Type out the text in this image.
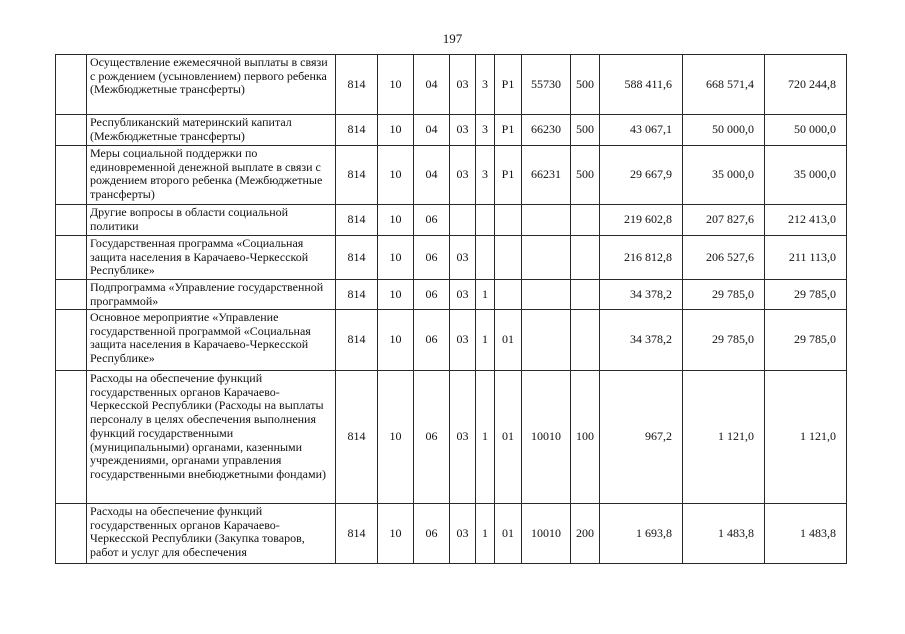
197
	Осуществление ежемесячной выплаты в связи с рождением (усыновлением) первого ребенка (Межбюджетные трансферты)	814	10	04	03	3	Р1	55730	500	588 411,6	668 571,4	720 244,8
	Республиканский материнский капитал (Межбюджетные трансферты)	814	10	04	03	3	Р1	66230	500	43 067,1	50 000,0	50 000,0
	Меры социальной поддержки по единовременной денежной выплате в связи с рождением второго ребенка (Межбюджетные трансферты)	814	10	04	03	3	Р1	66231	500	29 667,9	35 000,0	35 000,0
	Другие вопросы в области социальной политики	814	10	06						219 602,8	207 827,6	212 413,0
	Государственная программа «Социальная защита населения в Карачаево-Черкесской Республике»	814	10	06	03					216 812,8	206 527,6	211 113,0
	Подпрограмма «Управление государственной программой»	814	10	06	03	1				34 378,2	29 785,0	29 785,0
	Основное мероприятие «Управление государственной программой «Социальная защита населения в Карачаево-Черкесской Республике»	814	10	06	03	1	01			34 378,2	29 785,0	29 785,0
	Расходы на обеспечение функций государственных органов Карачаево-Черкесской Республики (Расходы на выплаты персоналу в целях обеспечения выполнения функций государственными (муниципальными) органами, казенными учреждениями, органами управления государственными внебюджетными фондами)	814	10	06	03	1	01	10010	100	967,2	1 121,0	1 121,0
	Расходы на обеспечение функций государственных органов Карачаево-Черкесской Республики (Закупка товаров, работ и услуг для обеспечения	814	10	06	03	1	01	10010	200	1 693,8	1 483,8	1 483,8
